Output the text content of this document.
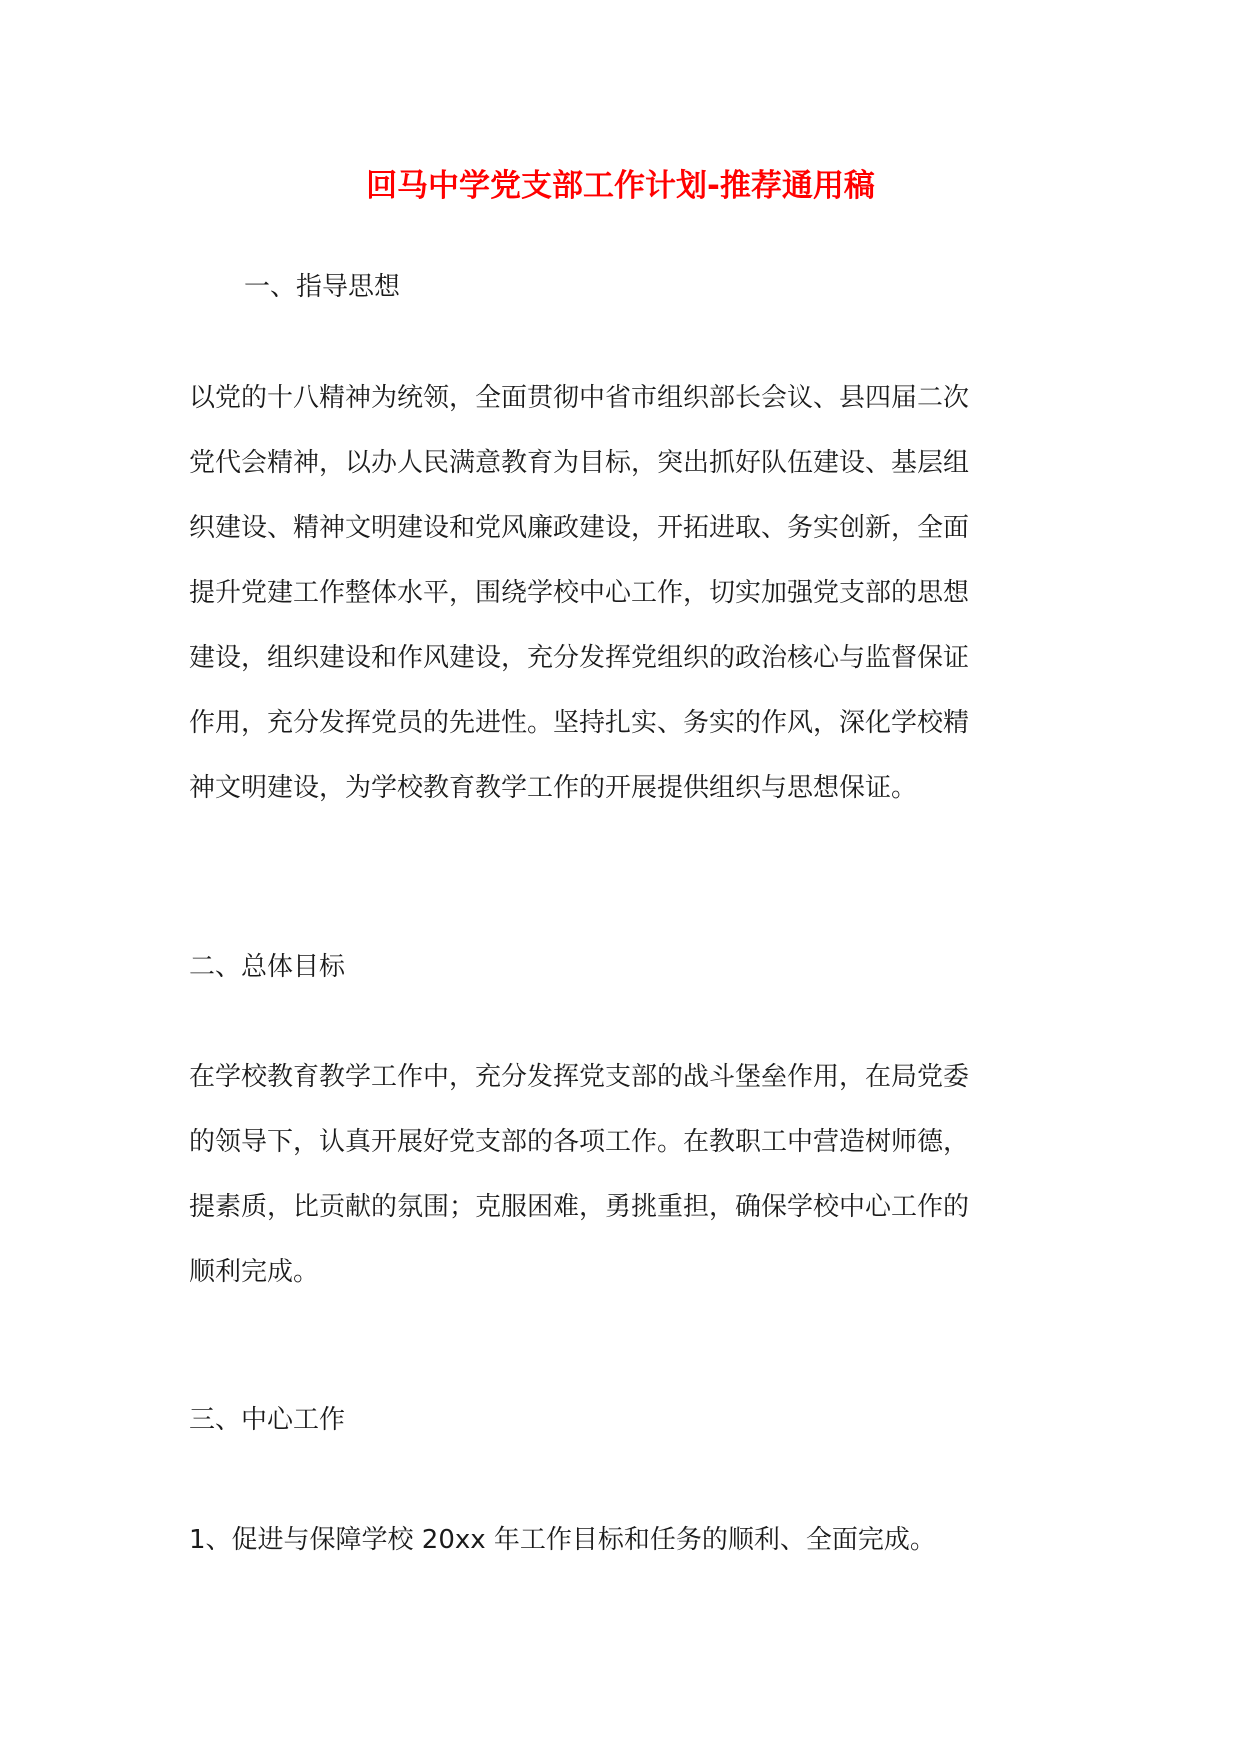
回马中学党支部工作计划-推荐通用稿
一、指导思想
以党的十八精神为统领，全面贯彻中省市组织部长会议、县四届二次
党代会精神，以办人民满意教育为目标，突出抓好队伍建设、基层组
织建设、精神文明建设和党风廉政建设，开拓进取、务实创新，全面
提升党建工作整体水平，围绕学校中心工作，切实加强党支部的思想
建设，组织建设和作风建设，充分发挥党组织的政治核心与监督保证
作用，充分发挥党员的先进性。坚持扎实、务实的作风，深化学校精
神文明建设，为学校教育教学工作的开展提供组织与思想保证。
二、总体目标
在学校教育教学工作中，充分发挥党支部的战斗堡垒作用，在局党委
的领导下，认真开展好党支部的各项工作。在教职工中营造树师德，
提素质，比贡献的氛围；克服困难，勇挑重担，确保学校中心工作的
顺利完成。
三、中心工作
1、促进与保障学校 20xx 年工作目标和任务的顺利、全面完成。
